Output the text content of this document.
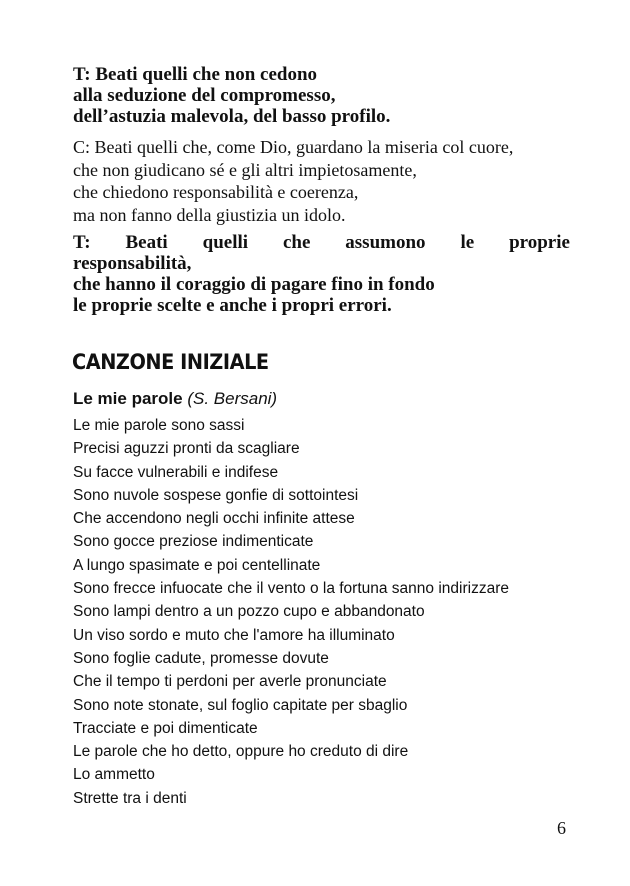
T: Beati quelli che non cedono
alla seduzione del compromesso,
dell’astuzia malevola, del basso profilo.
C: Beati quelli che, come Dio, guardano la miseria col cuore,
che non giudicano sé e gli altri impietosamente,
che chiedono responsabilità e coerenza,
ma non fanno della giustizia un idolo.
T: Beati quelli che assumono le proprie
responsabilità,
che hanno il coraggio di pagare fino in fondo
le proprie scelte e anche i propri errori.
CANZONE INIZIALE
Le mie parole (S. Bersani)
Le mie parole sono sassi
Precisi aguzzi pronti da scagliare
Su facce vulnerabili e indifese
Sono nuvole sospese gonfie di sottointesi
Che accendono negli occhi infinite attese
Sono gocce preziose indimenticate
A lungo spasimate e poi centellinate
Sono frecce infuocate che il vento o la fortuna sanno indirizzare
Sono lampi dentro a un pozzo cupo e abbandonato
Un viso sordo e muto che l'amore ha illuminato
Sono foglie cadute, promesse dovute
Che il tempo ti perdoni per averle pronunciate
Sono note stonate, sul foglio capitate per sbaglio
Tracciate e poi dimenticate
Le parole che ho detto, oppure ho creduto di dire
Lo ammetto
Strette tra i denti
6
